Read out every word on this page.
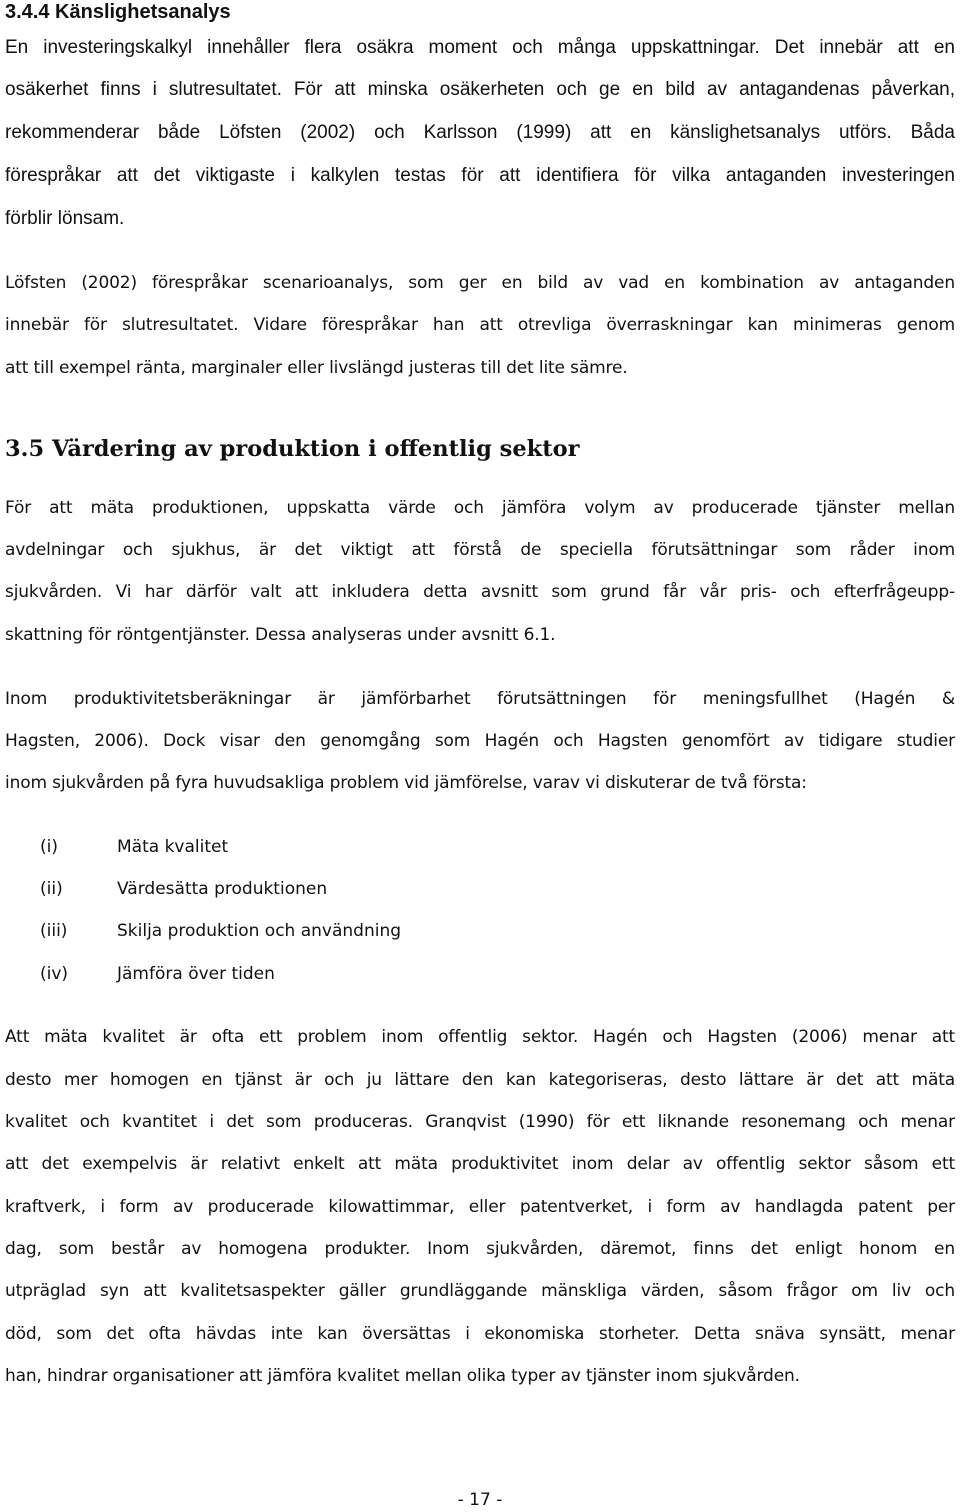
3.4.4 Känslighetsanalys
En investeringskalkyl innehåller flera osäkra moment och många uppskattningar. Det innebär att en
osäkerhet finns i slutresultatet. För att minska osäkerheten och ge en bild av antagandenas påverkan,
rekommenderar både Löfsten (2002) och Karlsson (1999) att en känslighetsanalys utförs. Båda
förespråkar att det viktigaste i kalkylen testas för att identifiera för vilka antaganden investeringen
förblir lönsam.
Löfsten (2002) förespråkar scenarioanalys, som ger en bild av vad en kombination av antaganden
innebär för slutresultatet. Vidare förespråkar han att otrevliga överraskningar kan minimeras genom
att till exempel ränta, marginaler eller livslängd justeras till det lite sämre.
3.5 Värdering av produktion i offentlig sektor
För att mäta produktionen, uppskatta värde och jämföra volym av producerade tjänster mellan
avdelningar och sjukhus, är det viktigt att förstå de speciella förutsättningar som råder inom
sjukvården. Vi har därför valt att inkludera detta avsnitt som grund får vår pris- och efterfrågeupp-
skattning för röntgentjänster. Dessa analyseras under avsnitt 6.1.
Inom produktivitetsberäkningar är jämförbarhet förutsättningen för meningsfullhet (Hagén &
Hagsten, 2006). Dock visar den genomgång som Hagén och Hagsten genomfört av tidigare studier
inom sjukvården på fyra huvudsakliga problem vid jämförelse, varav vi diskuterar de två första:
(i)	Mäta kvalitet
(ii)	Värdesätta produktionen
(iii)	Skilja produktion och användning
(iv)	Jämföra över tiden
Att mäta kvalitet är ofta ett problem inom offentlig sektor. Hagén och Hagsten (2006) menar att
desto mer homogen en tjänst är och ju lättare den kan kategoriseras, desto lättare är det att mäta
kvalitet och kvantitet i det som produceras. Granqvist (1990) för ett liknande resonemang och menar
att det exempelvis är relativt enkelt att mäta produktivitet inom delar av offentlig sektor såsom ett
kraftverk, i form av producerade kilowattimmar, eller patentverket, i form av handlagda patent per
dag, som består av homogena produkter. Inom sjukvården, däremot, finns det enligt honom en
utpräglad syn att kvalitetsaspekter gäller grundläggande mänskliga värden, såsom frågor om liv och
död, som det ofta hävdas inte kan översättas i ekonomiska storheter. Detta snäva synsätt, menar
han, hindrar organisationer att jämföra kvalitet mellan olika typer av tjänster inom sjukvården.
- 17 -
